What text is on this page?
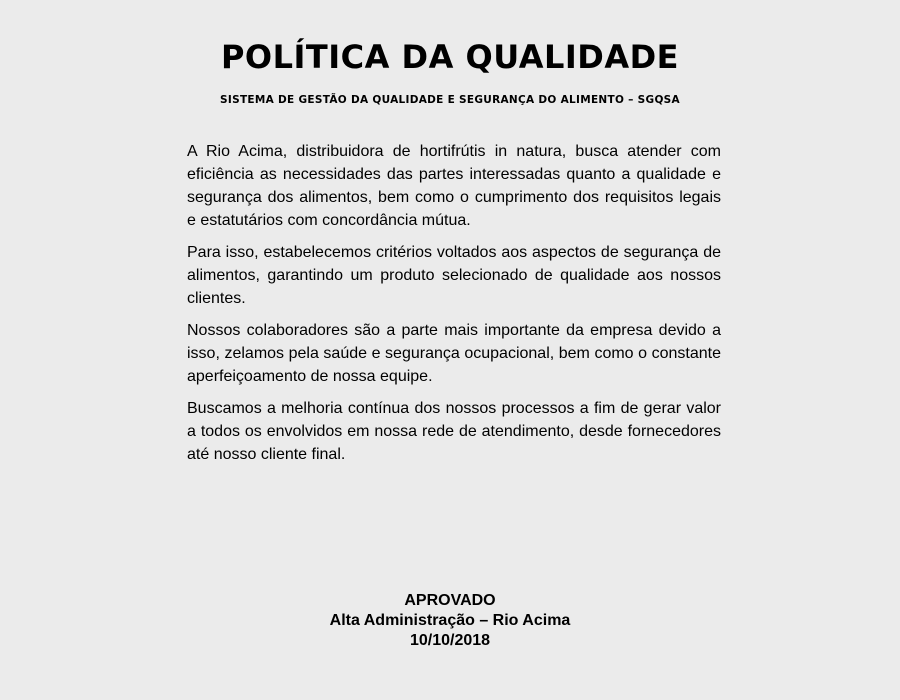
POLÍTICA DA QUALIDADE
SISTEMA DE GESTÃO DA QUALIDADE E SEGURANÇA DO ALIMENTO – SGQSA

A Rio Acima, distribuidora de hortifrútis in natura, busca atender com eficiência as necessidades das partes interessadas quanto a qualidade e segurança dos alimentos, bem como o cumprimento dos requisitos legais e estatutários com concordância mútua.

Para isso, estabelecemos critérios voltados aos aspectos de segurança de alimentos, garantindo um produto selecionado de qualidade aos nossos clientes.

Nossos colaboradores são a parte mais importante da empresa devido a isso, zelamos pela saúde e segurança ocupacional, bem como o constante aperfeiçoamento de nossa equipe.

Buscamos a melhoria contínua dos nossos processos a fim de gerar valor a todos os envolvidos em nossa rede de atendimento, desde fornecedores até nosso cliente final.

APROVADO
Alta Administração – Rio Acima
10/10/2018
